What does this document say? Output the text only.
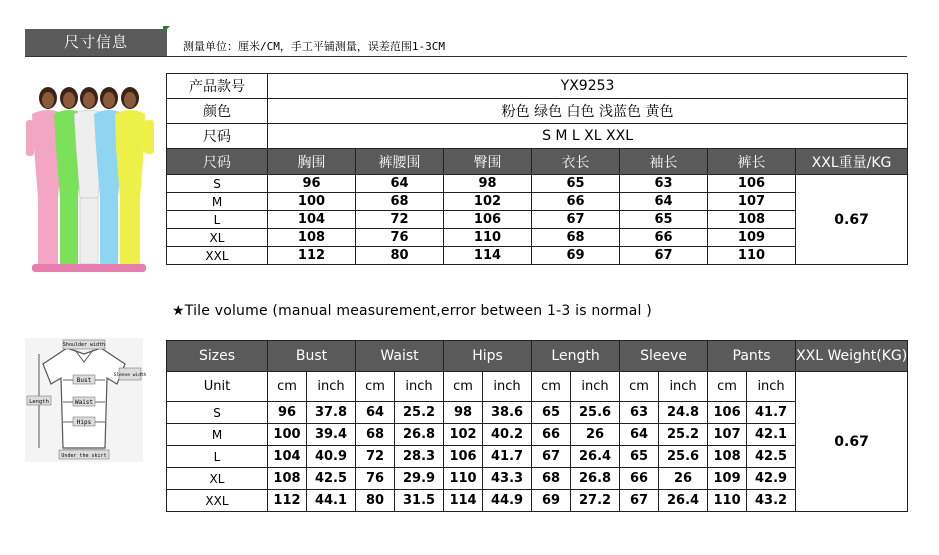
尺寸信息	测量单位：厘米/CM，手工平铺测量，误差范围1-3CM
产品款号	YX9253						
颜色	粉色 绿色 白色 浅蓝色 黄色						
尺码	S M L XL XXL						
尺码	胸围	裤腰围	臀围	衣长	袖长	裤长	XXL重量/KG
S	96	64	98	65	63	106	0.67
M	100	68	102	66	64	107	
L	104	72	106	67	65	108	
XL	108	76	110	68	66	109	
XXL	112	80	114	69	67	110	
★Tile volume (manual measurement,error between 1-3 is normal )
Shoulder width
Sleeve width
Bust
Length	Waist
Hips
Under the skirt
Sizes	Bust		Waist		Hips		Length		Sleeve		Pants		XXL Weight(KG)
Unit	cm	inch	cm	inch	cm	inch	cm	inch	cm	inch	cm	inch	0.67
S	96	37.8	64	25.2	98	38.6	65	25.6	63	24.8	106	41.7	
M	100	39.4	68	26.8	102	40.2	66	26	64	25.2	107	42.1	
L	104	40.9	72	28.3	106	41.7	67	26.4	65	25.6	108	42.5	
XL	108	42.5	76	29.9	110	43.3	68	26.8	66	26	109	42.9	
XXL	112	44.1	80	31.5	114	44.9	69	27.2	67	26.4	110	43.2	
